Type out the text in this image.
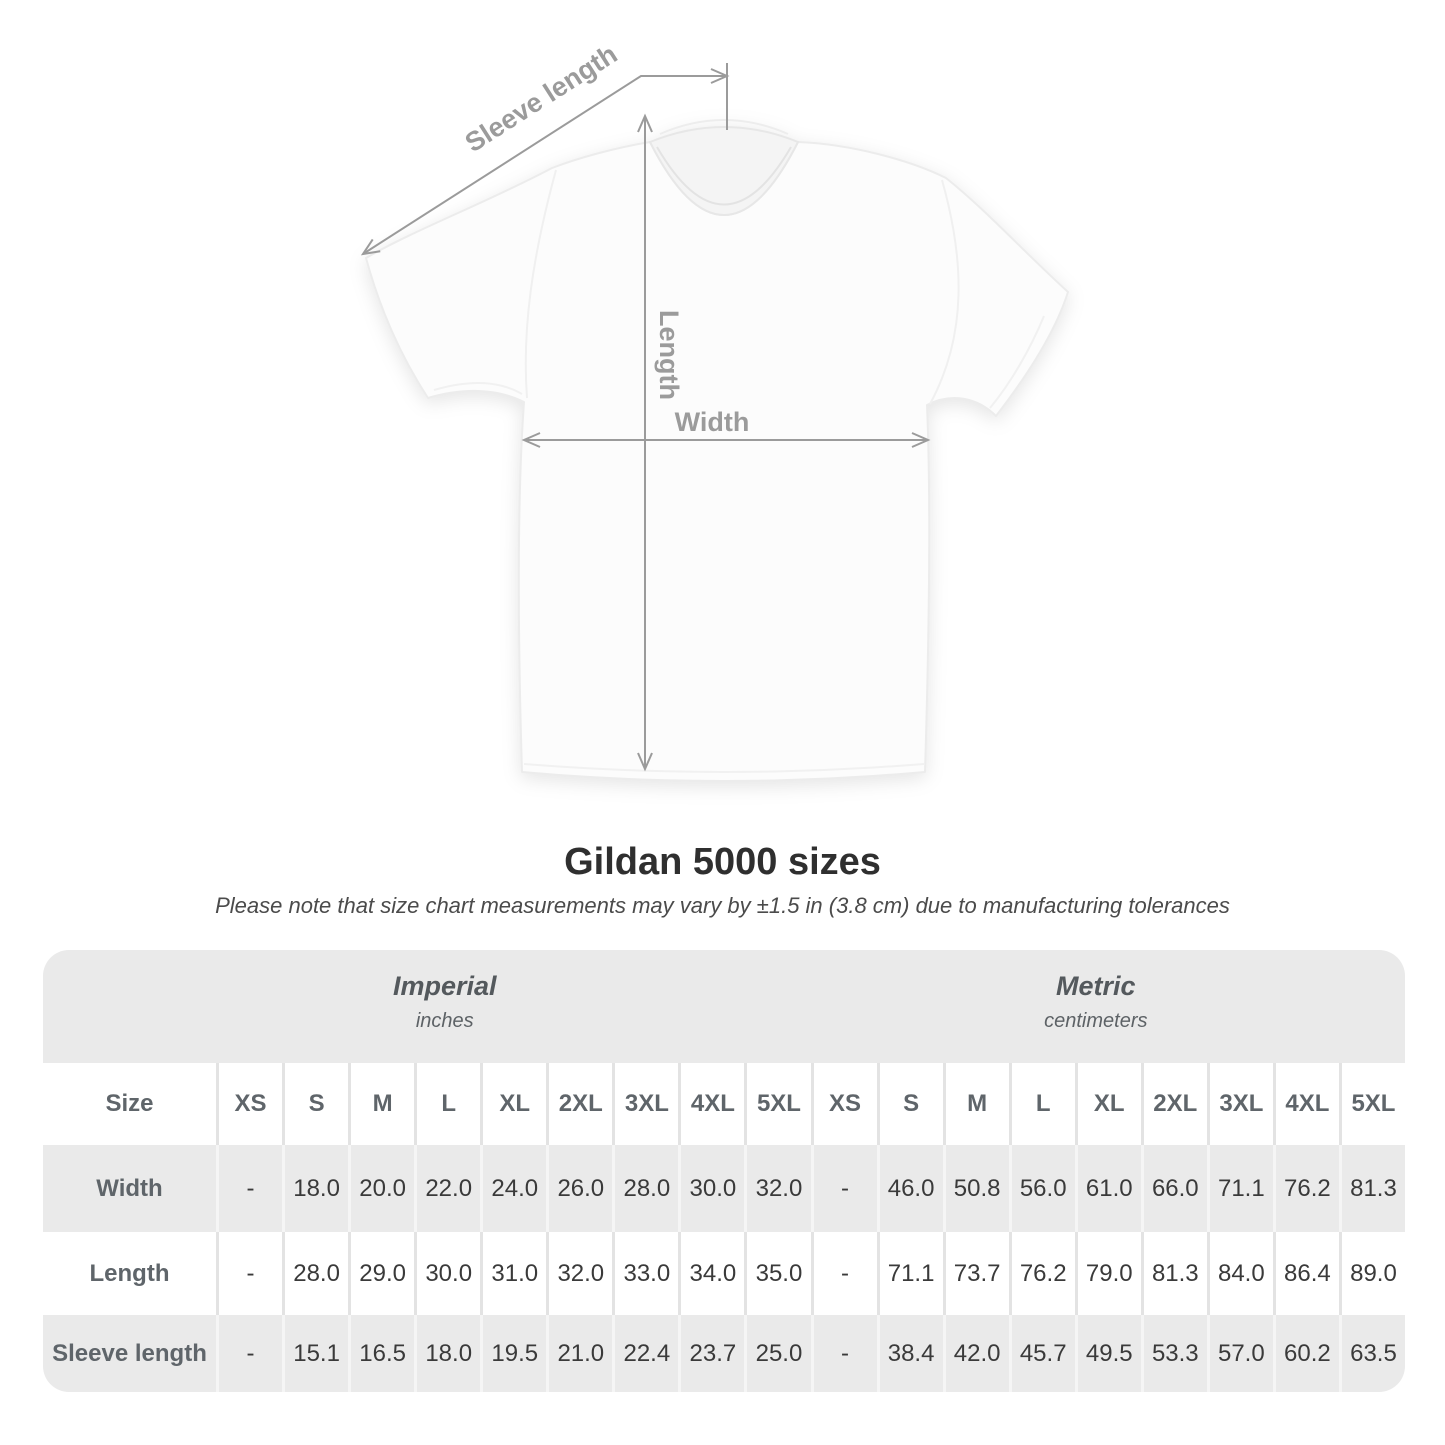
Sleeve length
Length
Width
Gildan 5000 sizes
Please note that size chart measurements may vary by ±1.5 in (3.8 cm) due to manufacturing tolerances
Imperial
inches
Metric
centimeters
Size	XS	S	M	L	XL	2XL 3XL 4XL 5XL	XS	S	M	L	XL	2XL 3XL 4XL 5XL
Width	-	18.0 20.0 22.0 24.0 26.0 28.0 30.0 32.0	-	46.0 50.8 56.0 61.0 66.0 71.1 76.2 81.3
Length	-	28.0 29.0 30.0 31.0 32.0 33.0 34.0 35.0	-	71.1 73.7 76.2 79.0 81.3 84.0 86.4 89.0
Sleeve length	-	15.1 16.5 18.0 19.5 21.0 22.4 23.7 25.0	-	38.4 42.0 45.7 49.5 53.3 57.0 60.2 63.5
